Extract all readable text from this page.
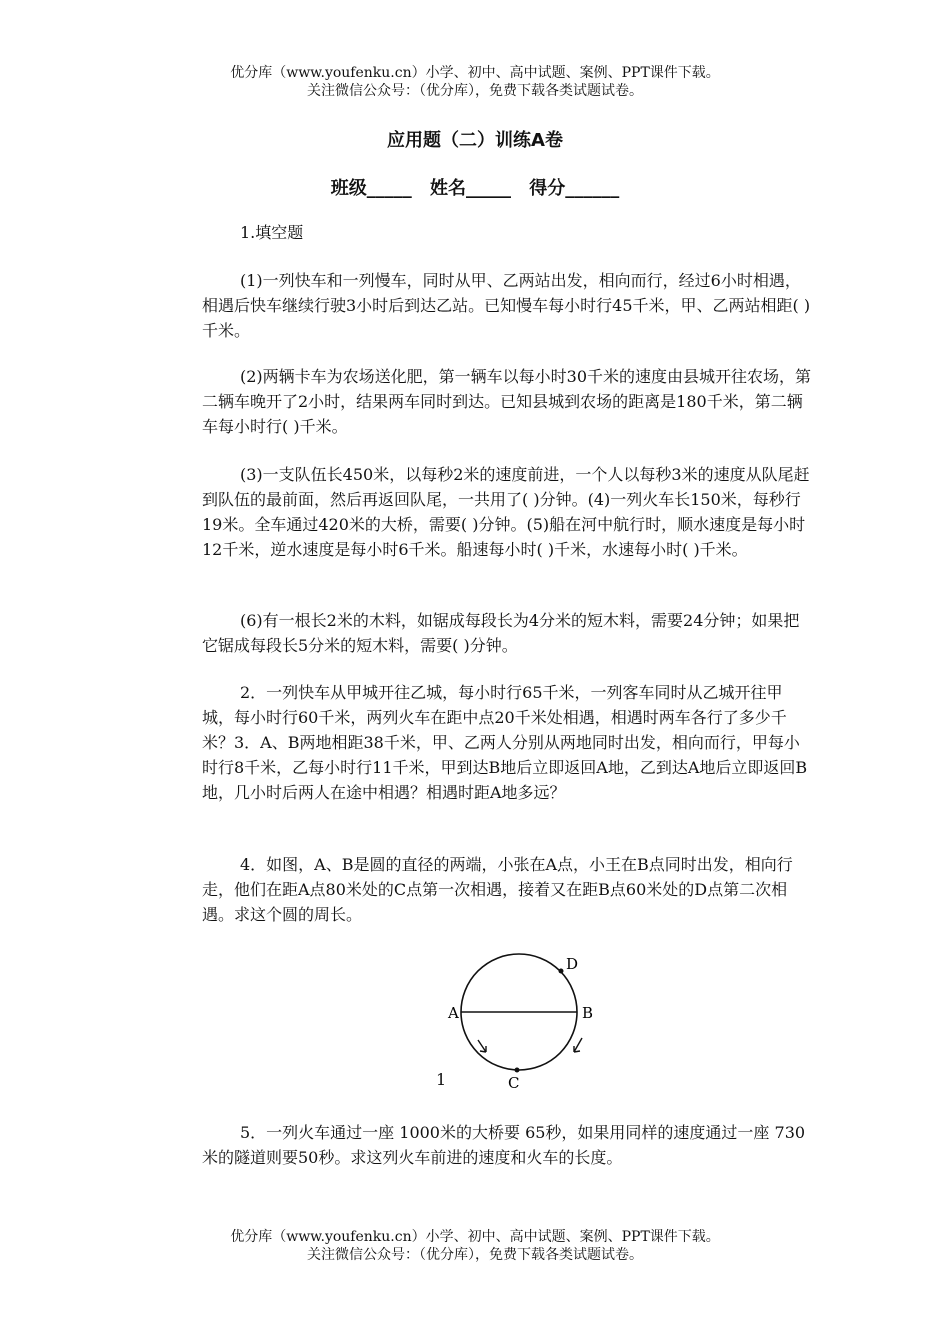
优分库（www.youfenku.cn）小学、初中、高中试题、案例、PPT课件下载。
关注微信公众号：（优分库），免费下载各类试题试卷。
应用题（二）训练A卷
班级_____ 姓名_____ 得分______

1.填空题

(1)一列快车和一列慢车，同时从甲、乙两站出发，相向而行，经过6小时相遇，相遇后快车继续行驶3小时后到达乙站。已知慢车每小时行45千米，甲、乙两站相距( )千米。

(2)两辆卡车为农场送化肥，第一辆车以每小时30千米的速度由县城开往农场，第二辆车晚开了2小时，结果两车同时到达。已知县城到农场的距离是180千米，第二辆车每小时行( )千米。

(3)一支队伍长450米，以每秒2米的速度前进，一个人以每秒3米的速度从队尾赶到队伍的最前面，然后再返回队尾，一共用了( )分钟。(4)一列火车长150米，每秒行19米。全车通过420米的大桥，需要( )分钟。(5)船在河中航行时，顺水速度是每小时12千米，逆水速度是每小时6千米。船速每小时( )千米，水速每小时( )千米。

(6)有一根长2米的木料，如锯成每段长为4分米的短木料，需要24分钟；如果把它锯成每段长5分米的短木料，需要( )分钟。

2．一列快车从甲城开往乙城，每小时行65千米，一列客车同时从乙城开往甲城，每小时行60千米，两列火车在距中点20千米处相遇，相遇时两车各行了多少千米？3．A、B两地相距38千米，甲、乙两人分别从两地同时出发，相向而行，甲每小时行8千米，乙每小时行11千米，甲到达B地后立即返回A地，乙到达A地后立即返回B地，几小时后两人在途中相遇？相遇时距A地多远？

4．如图，A、B是圆的直径的两端，小张在A点，小王在B点同时出发，相向行走，他们在距A点80米处的C点第一次相遇，接着又在距B点60米处的D点第二次相遇。求这个圆的周长。

A	B
D
C
1

5．一列火车通过一座 1000米的大桥要 65秒，如果用同样的速度通过一座 730米的隧道则要50秒。求这列火车前进的速度和火车的长度。

优分库（www.youfenku.cn）小学、初中、高中试题、案例、PPT课件下载。
关注微信公众号：（优分库），免费下载各类试题试卷。
